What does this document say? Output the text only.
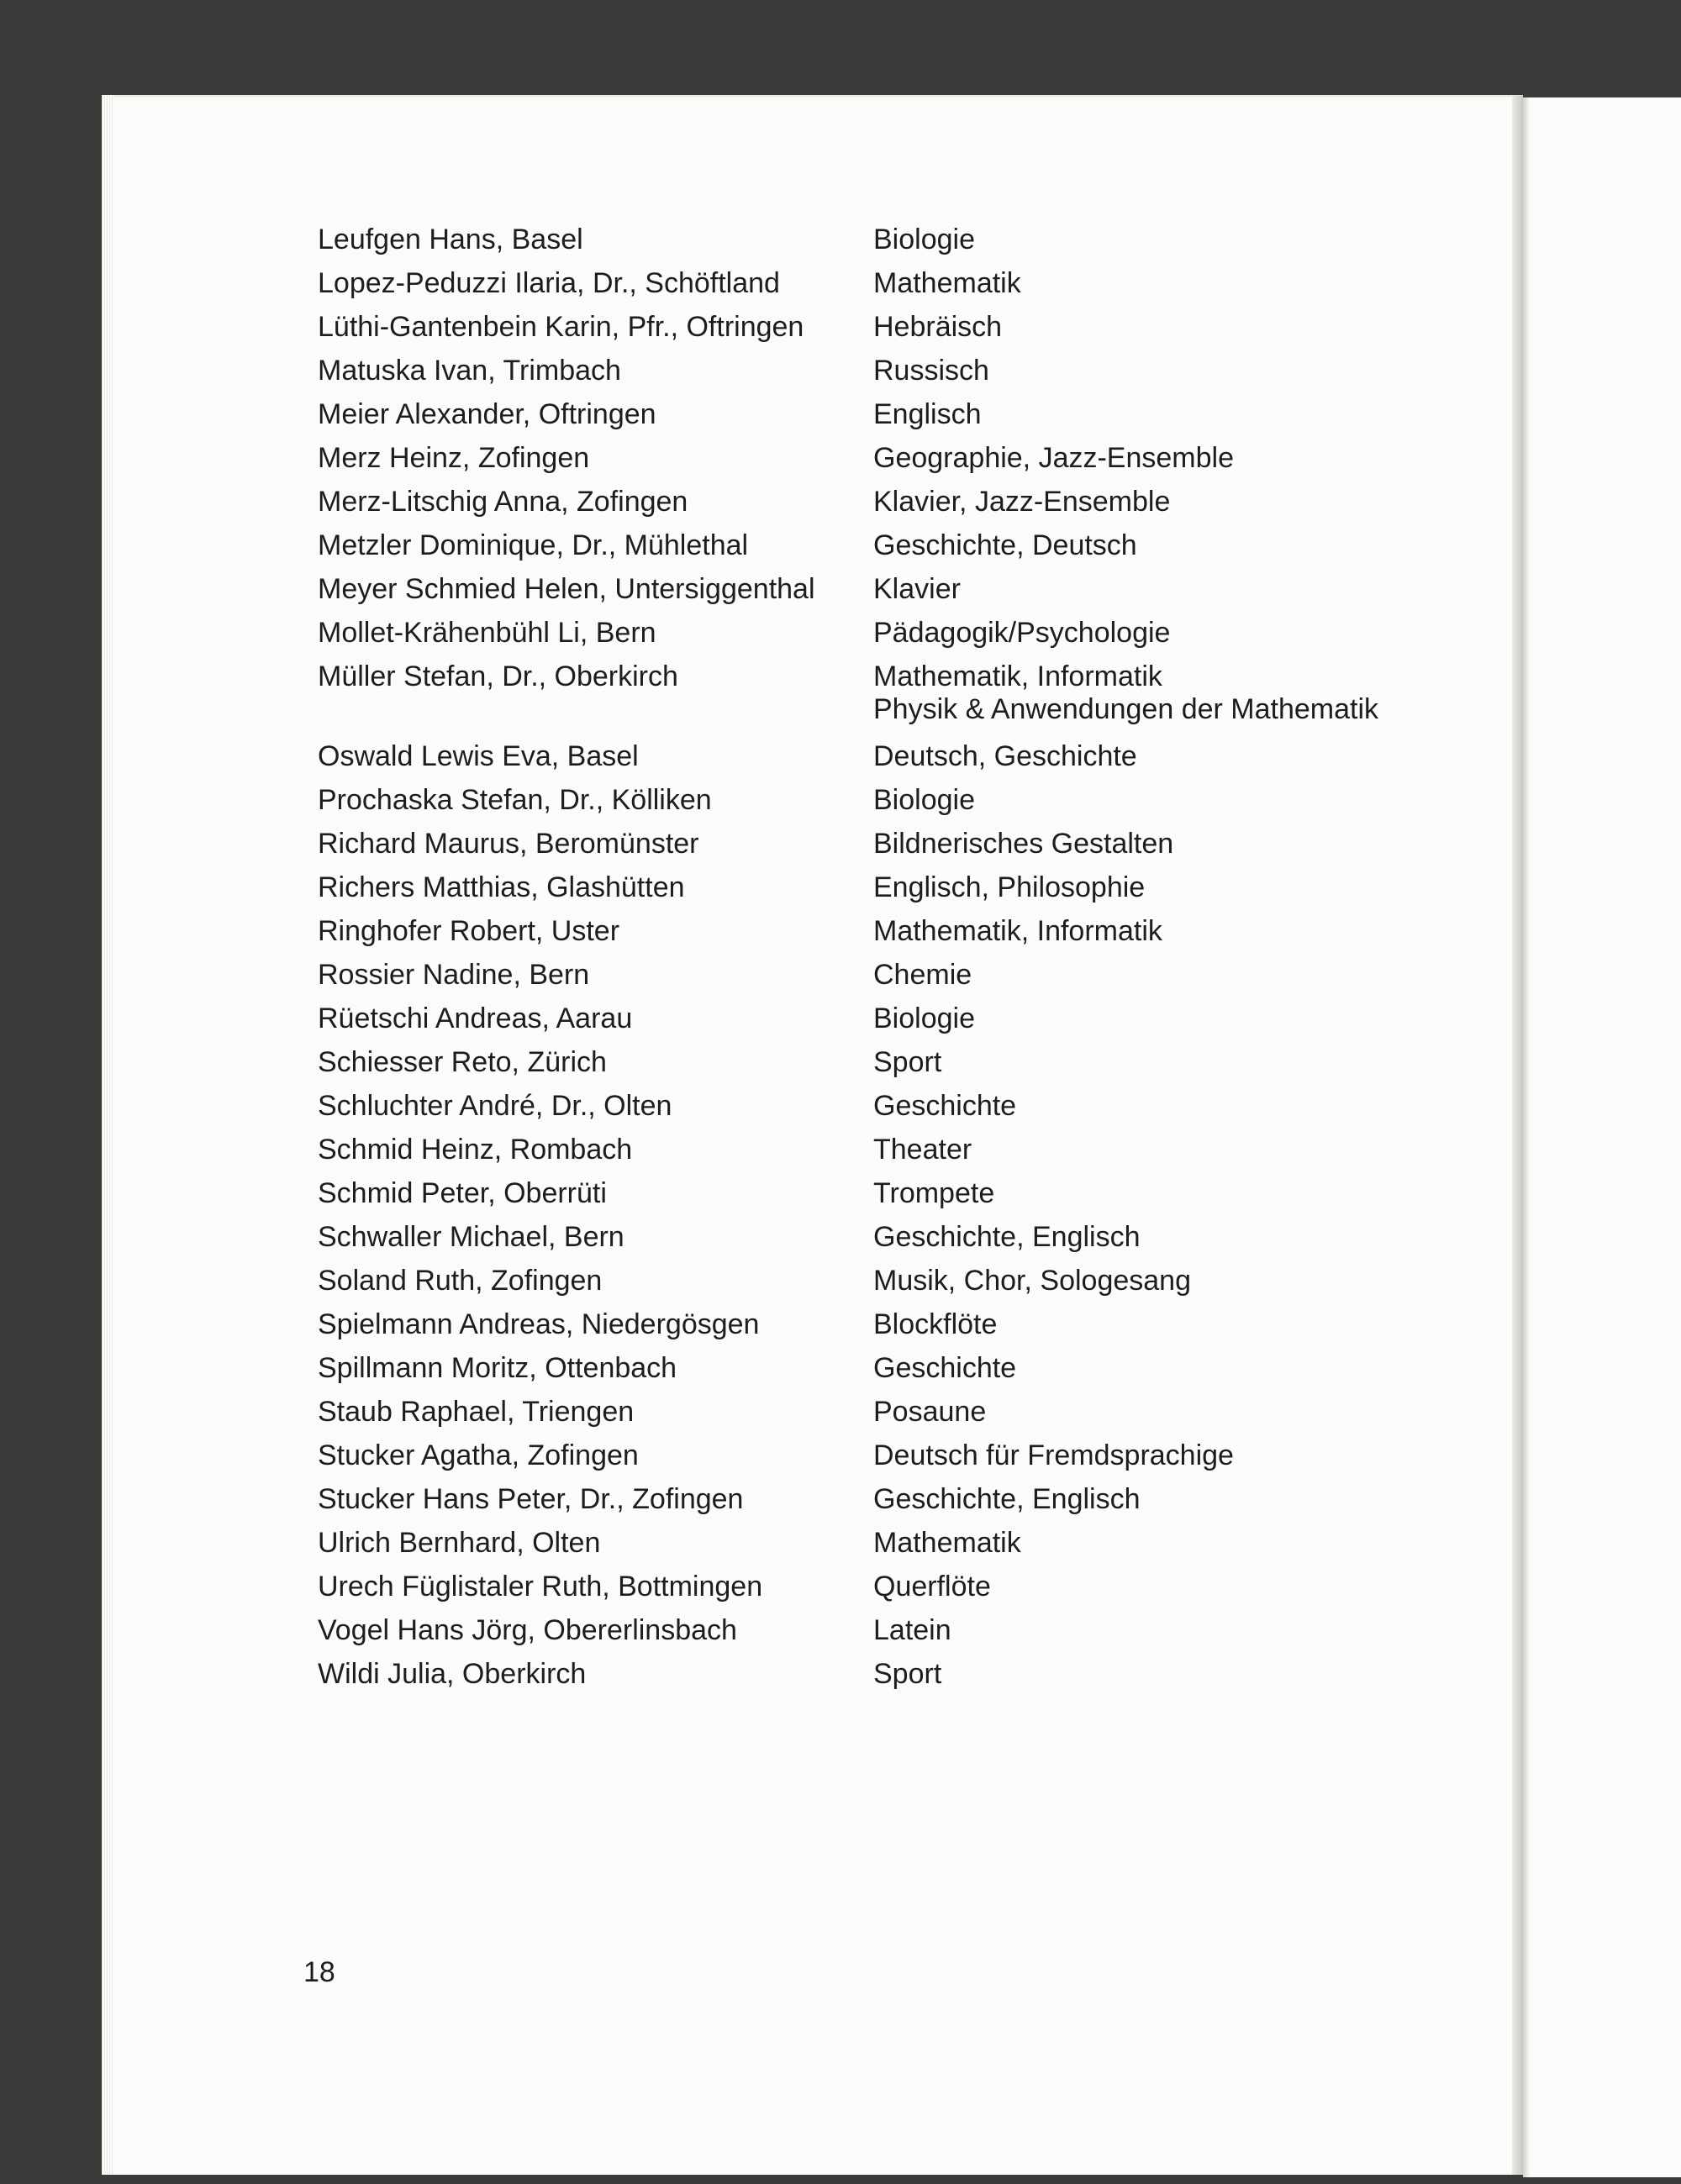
Leufgen Hans, Basel	Biologie
Lopez-Peduzzi Ilaria, Dr., Schöftland	Mathematik
Lüthi-Gantenbein Karin, Pfr., Oftringen	Hebräisch
Matuska Ivan, Trimbach	Russisch
Meier Alexander, Oftringen	Englisch
Merz Heinz, Zofingen	Geographie, Jazz-Ensemble
Merz-Litschig Anna, Zofingen	Klavier, Jazz-Ensemble
Metzler Dominique, Dr., Mühlethal	Geschichte, Deutsch
Meyer Schmied Helen, Untersiggenthal	Klavier
Mollet-Krähenbühl Li, Bern	Pädagogik/Psychologie
Müller Stefan, Dr., Oberkirch	Mathematik, Informatik
Physik & Anwendungen der Mathematik
Oswald Lewis Eva, Basel	Deutsch, Geschichte
Prochaska Stefan, Dr., Kölliken	Biologie
Richard Maurus, Beromünster	Bildnerisches Gestalten
Richers Matthias, Glashütten	Englisch, Philosophie
Ringhofer Robert, Uster	Mathematik, Informatik
Rossier Nadine, Bern	Chemie
Rüetschi Andreas, Aarau	Biologie
Schiesser Reto, Zürich	Sport
Schluchter André, Dr., Olten	Geschichte
Schmid Heinz, Rombach	Theater
Schmid Peter, Oberrüti	Trompete
Schwaller Michael, Bern	Geschichte, Englisch
Soland Ruth, Zofingen	Musik, Chor, Sologesang
Spielmann Andreas, Niedergösgen	Blockflöte
Spillmann Moritz, Ottenbach	Geschichte
Staub Raphael, Triengen	Posaune
Stucker Agatha, Zofingen	Deutsch für Fremdsprachige
Stucker Hans Peter, Dr., Zofingen	Geschichte, Englisch
Ulrich Bernhard, Olten	Mathematik
Urech Füglistaler Ruth, Bottmingen	Querflöte
Vogel Hans Jörg, Obererlinsbach	Latein
Wildi Julia, Oberkirch	Sport
18
